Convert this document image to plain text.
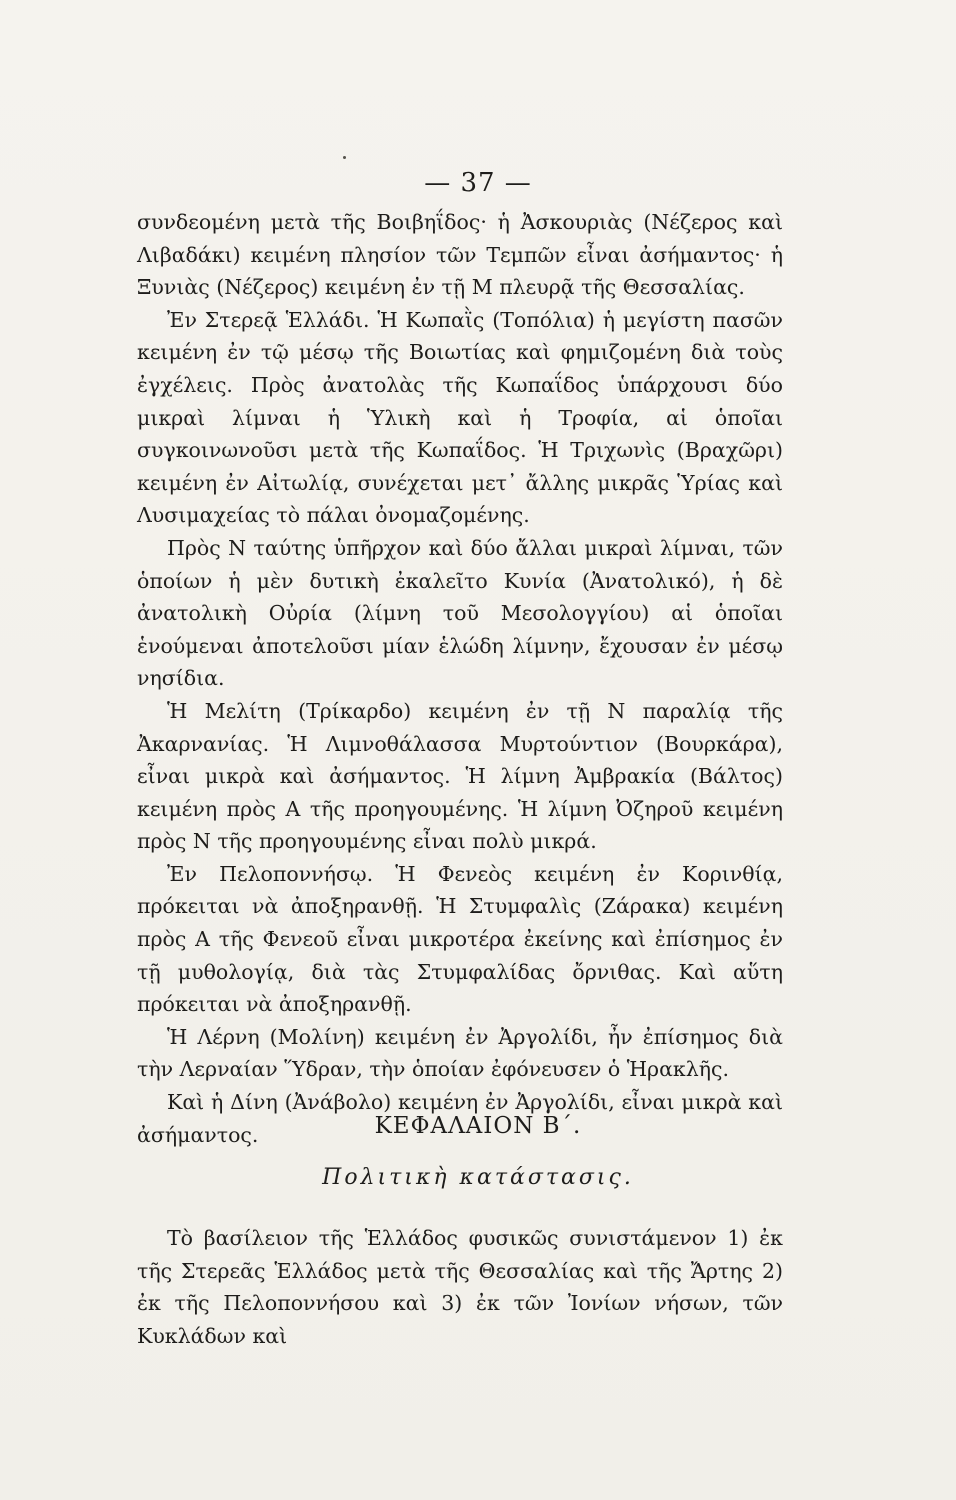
— 37 —

συνδεομένη μετὰ τῆς Βοιβηΐδος· ἡ Ἀσκουριὰς (Νέζερος καὶ Λιβαδάκι) κειμένη πλησίον τῶν Τεμπῶν εἶναι ἀσήμαντος· ἡ Ξυνιὰς (Νέζερος) κειμένη ἐν τῇ Μ πλευρᾷ τῆς Θεσσαλίας.

Ἐν Στερεᾷ Ἑλλάδι. Ἡ Κωπαῒς (Τοπόλια) ἡ μεγίστη πασῶν κειμένη ἐν τῷ μέσῳ τῆς Βοιωτίας καὶ φημιζομένη διὰ τοὺς ἐγχέλεις. Πρὸς ἀνατολὰς τῆς Κωπαΐδος ὑπάρχουσι δύο μικραὶ λίμναι ἡ Ὑλικὴ καὶ ἡ Τροφία, αἱ ὁποῖαι συγκοινωνοῦσι μετὰ τῆς Κωπαΐδος. Ἡ Τριχωνὶς (Βραχῶρι) κειμένη ἐν Αἰτωλίᾳ, συνέχεται μετ᾽ ἄλλης μικρᾶς Ὑρίας καὶ Λυσιμαχείας τὸ πάλαι ὀνομαζομένης.

Πρὸς Ν ταύτης ὑπῆρχον καὶ δύο ἄλλαι μικραὶ λίμναι, τῶν ὁποίων ἡ μὲν δυτικὴ ἐκαλεῖτο Κυνία (Ἀνατολικό), ἡ δὲ ἀνατολικὴ Οὐρία (λίμνη τοῦ Μεσολογγίου) αἱ ὁποῖαι ἑνούμεναι ἀποτελοῦσι μίαν ἑλώδη λίμνην, ἔχουσαν ἐν μέσῳ νησίδια.

Ἡ Μελίτη (Τρίκαρδο) κειμένη ἐν τῇ Ν παραλίᾳ τῆς Ἀκαρνανίας. Ἡ Λιμνοθάλασσα Μυρτούντιον (Βουρκάρα), εἶναι μικρὰ καὶ ἀσήμαντος. Ἡ λίμνη Ἀμβρακία (Βάλτος) κειμένη πρὸς Α τῆς προηγουμένης. Ἡ λίμνη Ὀζηροῦ κειμένη πρὸς Ν τῆς προηγουμένης εἶναι πολὺ μικρά.

Ἐν Πελοποννήσῳ. Ἡ Φενεὸς κειμένη ἐν Κορινθίᾳ, πρόκειται νὰ ἀποξηρανθῇ. Ἡ Στυμφαλὶς (Ζάρακα) κειμένη πρὸς Α τῆς Φενεοῦ εἶναι μικροτέρα ἐκείνης καὶ ἐπίσημος ἐν τῇ μυθολογίᾳ, διὰ τὰς Στυμφαλίδας ὄρνιθας. Καὶ αὕτη πρόκειται νὰ ἀποξηρανθῇ.

Ἡ Λέρνη (Μολίνη) κειμένη ἐν Ἀργολίδι, ἦν ἐπίσημος διὰ τὴν Λερναίαν Ὕδραν, τὴν ὁποίαν ἐφόνευσεν ὁ Ἡρακλῆς.

Καὶ ἡ Δίνη (Ἀνάβολο) κειμένη ἐν Ἀργολίδι, εἶναι μικρὰ καὶ ἀσήμαντος.	ΚΕΦΑΛΑΙΟΝ Β΄.
Πολιτικὴ κατάστασις.

Τὸ βασίλειον τῆς Ἑλλάδος φυσικῶς συνιστάμενον 1) ἐκ τῆς Στερεᾶς Ἑλλάδος μετὰ τῆς Θεσσαλίας καὶ τῆς Ἄρτης 2) ἐκ τῆς Πελοποννήσου καὶ 3) ἐκ τῶν Ἰονίων νήσων, τῶν Κυκλάδων καὶ
